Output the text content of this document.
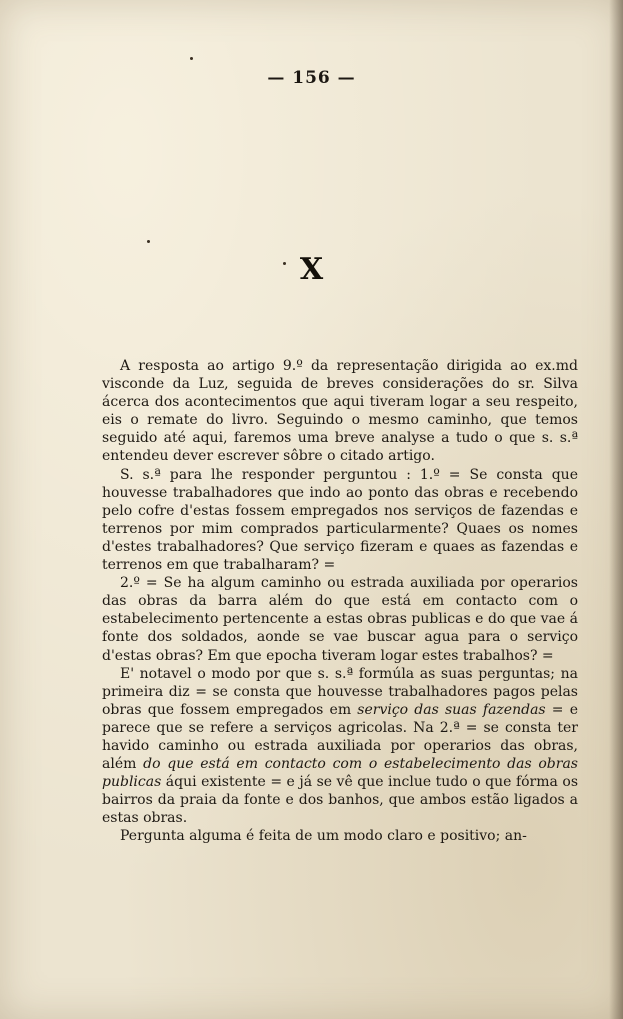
— 156 —
X

A resposta ao artigo 9.º da representação dirigida ao ex.md visconde da Luz, seguida de breves considerações do sr. Silva ácerca dos acontecimentos que aqui tiveram logar a seu respeito, eis o remate do livro. Seguindo o mesmo caminho, que temos seguido até aqui, faremos uma breve analyse a tudo o que s. s.ª entendeu dever escrever sôbre o citado artigo.

S. s.ª para lhe responder perguntou : 1.º = Se consta que houvesse trabalhadores que indo ao ponto das obras e recebendo pelo cofre d'estas fossem empregados nos serviços de fazendas e terrenos por mim comprados particularmente? Quaes os nomes d'estes trabalhadores? Que serviço fizeram e quaes as fazendas e terrenos em que trabalharam? =

2.º = Se ha algum caminho ou estrada auxiliada por operarios das obras da barra além do que está em contacto com o estabelecimento pertencente a estas obras publicas e do que vae á fonte dos soldados, aonde se vae buscar agua para o serviço d'estas obras? Em que epocha tiveram logar estes trabalhos? =

E' notavel o modo por que s. s.ª formúla as suas perguntas; na primeira diz = se consta que houvesse trabalhadores pagos pelas obras que fossem empregados em serviço das suas fazendas = e parece que se refere a serviços agricolas. Na 2.ª = se consta ter havido caminho ou estrada auxiliada por operarios das obras, além do que está em contacto com o estabelecimento das obras publicas áqui existente = e já se vê que inclue tudo o que fórma os bairros da praia da fonte e dos banhos, que ambos estão ligados a estas obras.

Pergunta alguma é feita de um modo claro e positivo; an-
